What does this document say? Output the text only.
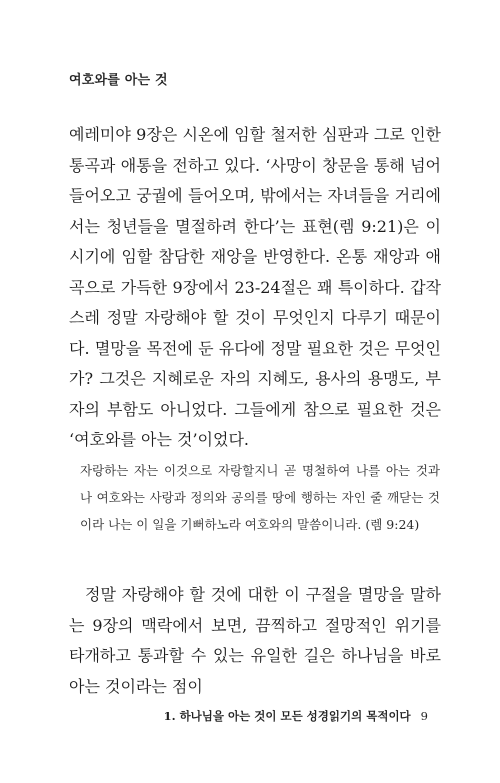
여호와를 아는 것

예레미야 9장은 시온에 임할 철저한 심판과 그로 인한 통곡과 애통을 전하고 있다. ‘사망이 창문을 통해 넘어 들어오고 궁궐에 들어오며, 밖에서는 자녀들을 거리에서는 청년들을 멸절하려 한다’는 표현(렘 9:21)은 이 시기에 임할 참담한 재앙을 반영한다. 온통 재앙과 애곡으로 가득한 9장에서 23-24절은 꽤 특이하다. 갑작스레 정말 자랑해야 할 것이 무엇인지 다루기 때문이다. 멸망을 목전에 둔 유다에 정말 필요한 것은 무엇인가? 그것은 지혜로운 자의 지혜도, 용사의 용맹도, 부자의 부함도 아니었다. 그들에게 참으로 필요한 것은 ‘여호와를 아는 것’이었다.

자랑하는 자는 이것으로 자랑할지니 곧 명철하여 나를 아는 것과 나 여호와는 사랑과 정의와 공의를 땅에 행하는 자인 줄 깨닫는 것이라 나는 이 일을 기뻐하노라 여호와의 말씀이니라. (렘 9:24)

정말 자랑해야 할 것에 대한 이 구절을 멸망을 말하는 9장의 맥락에서 보면, 끔찍하고 절망적인 위기를 타개하고 통과할 수 있는 유일한 길은 하나님을 바로 아는 것이라는 점이

1. 하나님을 아는 것이 모든 성경읽기의 목적이다 9
